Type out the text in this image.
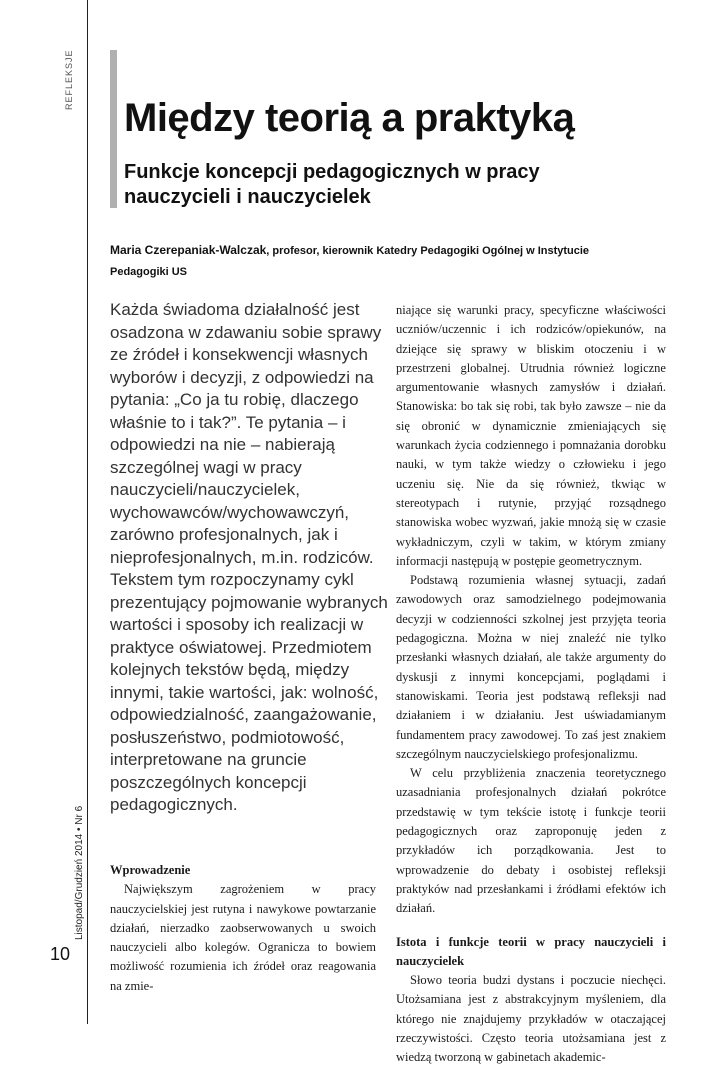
REFLEKSJE
Listopad/Grudzień 2014 • Nr 6
10
Między teorią a praktyką
Funkcje koncepcji pedagogicznych w pracy nauczycieli i nauczycielek
Maria Czerepaniak-Walczak, profesor, kierownik Katedry Pedagogiki Ogólnej w Instytucie Pedagogiki US

Każda świadoma działalność jest osadzona w zdawaniu sobie sprawy ze źródeł i konsekwencji własnych wyborów i decyzji, z odpowiedzi na pytania: „Co ja tu robię, dlaczego właśnie to i tak?”. Te pytania – i odpowiedzi na nie – nabierają szczególnej wagi w pracy nauczycieli/nauczycielek, wychowawców/wychowawczyń, zarówno profesjonalnych, jak i nieprofesjonalnych, m.in. rodziców. Tekstem tym rozpoczynamy cykl prezentujący pojmowanie wybranych wartości i sposoby ich realizacji w praktyce oświatowej. Przedmiotem kolejnych tekstów będą, między innymi, takie wartości, jak: wolność, odpowiedzialność, zaangażowanie, posłuszeństwo, podmiotowość, interpretowane na gruncie poszczególnych koncepcji pedagogicznych.

Wprowadzenie

Największym zagrożeniem w pracy nauczycielskiej jest rutyna i nawykowe powtarzanie działań, nierzadko zaobserwowanych u swoich nauczycieli albo kolegów. Ogranicza to bowiem możliwość rozumienia ich źródeł oraz reagowania na zmie-

niające się warunki pracy, specyficzne właściwości uczniów/uczennic i ich rodziców/opiekunów, na dziejące się sprawy w bliskim otoczeniu i w przestrzeni globalnej. Utrudnia również logiczne argumentowanie własnych zamysłów i działań. Stanowiska: bo tak się robi, tak było zawsze – nie da się obronić w dynamicznie zmieniających się warunkach życia codziennego i pomnażania dorobku nauki, w tym także wiedzy o człowieku i jego uczeniu się. Nie da się również, tkwiąc w stereotypach i rutynie, przyjąć rozsądnego stanowiska wobec wyzwań, jakie mnożą się w czasie wykładniczym, czyli w takim, w którym zmiany informacji następują w postępie geometrycznym.

Podstawą rozumienia własnej sytuacji, zadań zawodowych oraz samodzielnego podejmowania decyzji w codzienności szkolnej jest przyjęta teoria pedagogiczna. Można w niej znaleźć nie tylko przesłanki własnych działań, ale także argumenty do dyskusji z innymi koncepcjami, poglądami i stanowiskami. Teoria jest podstawą refleksji nad działaniem i w działaniu. Jest uświadamianym fundamentem pracy zawodowej. To zaś jest znakiem szczególnym nauczycielskiego profesjonalizmu.

W celu przybliżenia znaczenia teoretycznego uzasadniania profesjonalnych działań pokrótce przedstawię w tym tekście istotę i funkcje teorii pedagogicznych oraz zaproponuję jeden z przykładów ich porządkowania. Jest to wprowadzenie do debaty i osobistej refleksji praktyków nad przesłankami i źródłami efektów ich działań.

Istota i funkcje teorii w pracy nauczycieli i nauczycielek

Słowo teoria budzi dystans i poczucie niechęci. Utożsamiana jest z abstrakcyjnym myśleniem, dla którego nie znajdujemy przykładów w otaczającej rzeczywistości. Często teoria utożsamiana jest z wiedzą tworzoną w gabinetach akademic-
